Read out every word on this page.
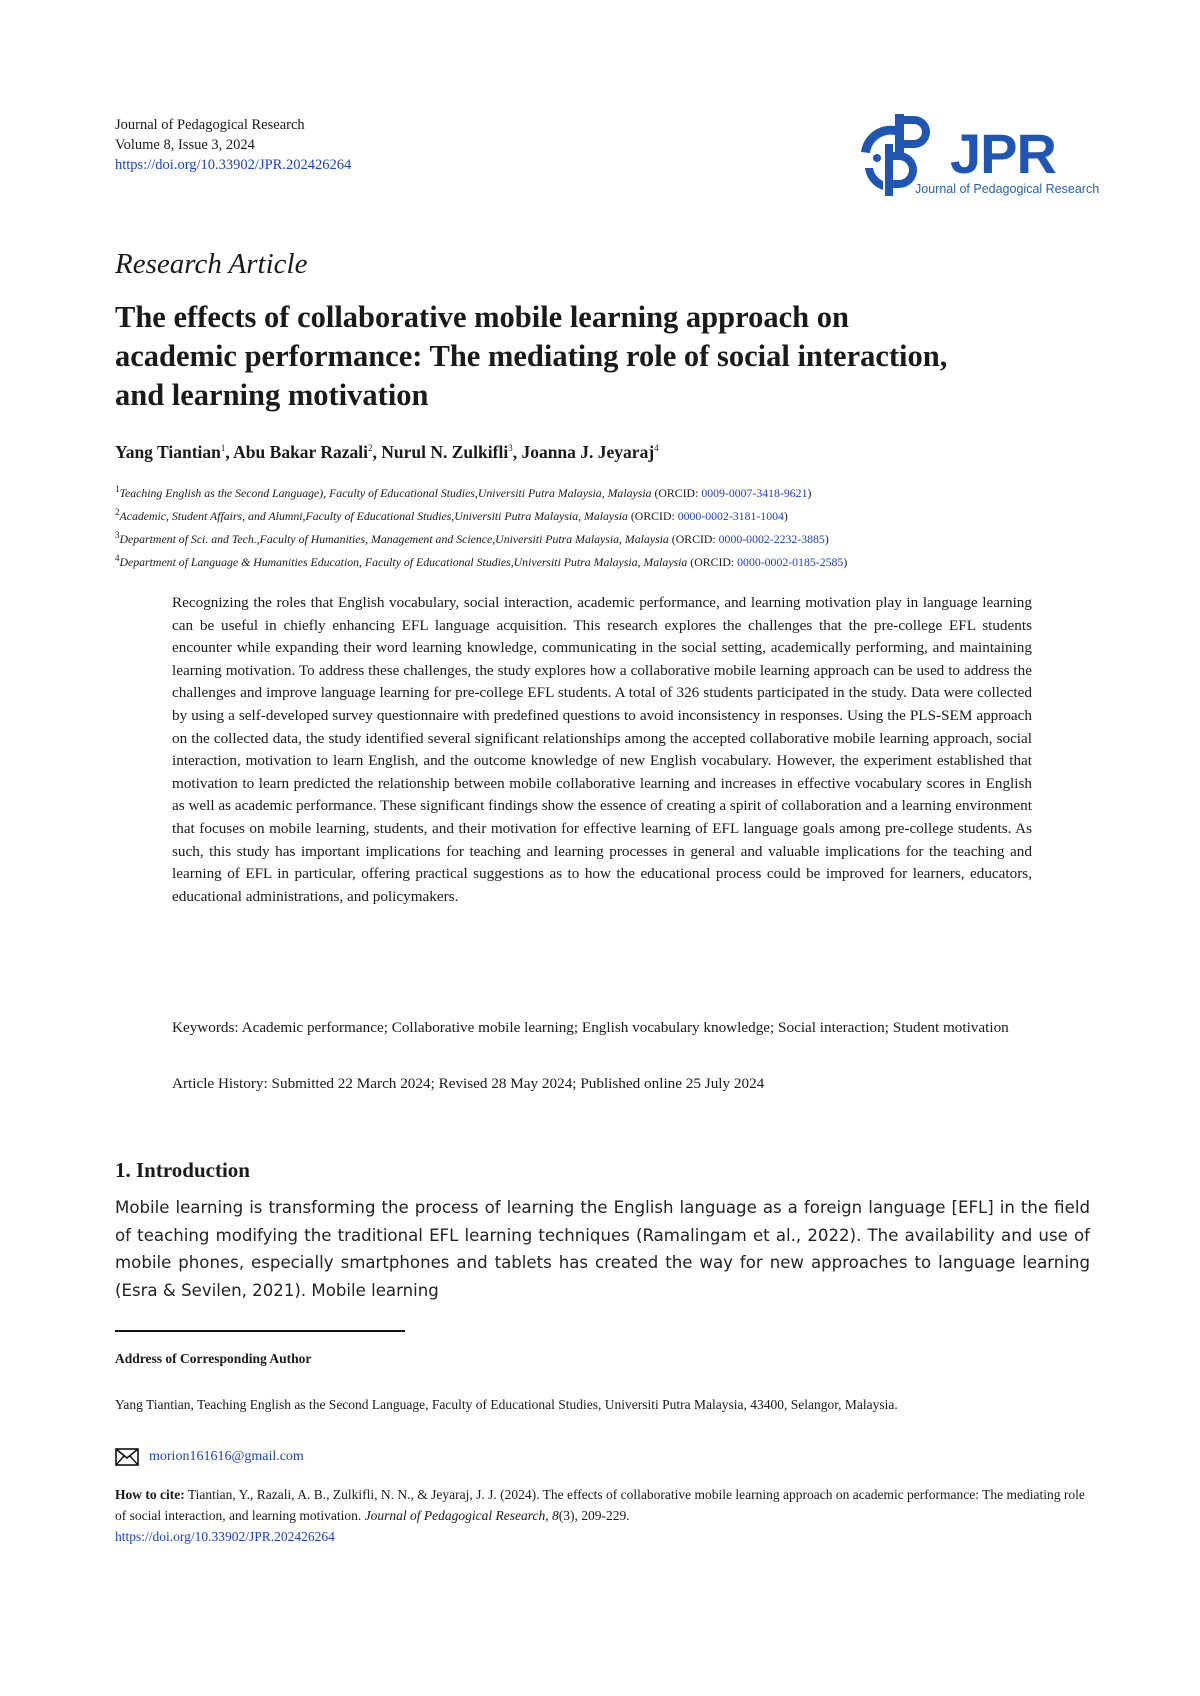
Journal of Pedagogical Research
Volume 8, Issue 3, 2024
https://doi.org/10.33902/JPR.202426264	JPR
Journal of Pedagogical Research
Research Article
The effects of collaborative mobile learning approach on academic performance: The mediating role of social interaction, and learning motivation
Yang Tiantian$^1$, Abu Bakar Razali$^2$, Nurul N. Zulkifli$^3$, Joanna J. Jeyaraj$^4$
$^1$Teaching English as the Second Language), Faculty of Educational Studies,Universiti Putra Malaysia, Malaysia (ORCID: 0009-0007-3418-9621)
$^2$Academic, Student Affairs, and Alumni,Faculty of Educational Studies,Universiti Putra Malaysia, Malaysia (ORCID: 0000-0002-3181-1004)
$^3$Department of Sci. and Tech.,Faculty of Humanities, Management and Science,Universiti Putra Malaysia, Malaysia (ORCID: 0000-0002-2232-3885)
$^4$Department of Language & Humanities Education, Faculty of Educational Studies,Universiti Putra Malaysia, Malaysia (ORCID: 0000-0002-0185-2585)
Recognizing the roles that English vocabulary, social interaction, academic performance, and learning motivation play in language learning can be useful in chiefly enhancing EFL language acquisition. This research explores the challenges that the pre-college EFL students encounter while expanding their word learning knowledge, communicating in the social setting, academically performing, and maintaining learning motivation. To address these challenges, the study explores how a collaborative mobile learning approach can be used to address the challenges and improve language learning for pre-college EFL students. A total of 326 students participated in the study. Data were collected by using a self-developed survey questionnaire with predefined questions to avoid inconsistency in responses. Using the PLS-SEM approach on the collected data, the study identified several significant relationships among the accepted collaborative mobile learning approach, social interaction, motivation to learn English, and the outcome knowledge of new English vocabulary. However, the experiment established that motivation to learn predicted the relationship between mobile collaborative learning and increases in effective vocabulary scores in English as well as academic performance. These significant findings show the essence of creating a spirit of collaboration and a learning environment that focuses on mobile learning, students, and their motivation for effective learning of EFL language goals among pre-college students. As such, this study has important implications for teaching and learning processes in general and valuable implications for the teaching and learning of EFL in particular, offering practical suggestions as to how the educational process could be improved for learners, educators, educational administrations, and policymakers.
Keywords: Academic performance; Collaborative mobile learning; English vocabulary knowledge; Social interaction; Student motivation
Article History: Submitted 22 March 2024; Revised 28 May 2024; Published online 25 July 2024
1. Introduction
Mobile learning is transforming the process of learning the English language as a foreign language [EFL] in the field of teaching modifying the traditional EFL learning techniques (Ramalingam et al., 2022). The availability and use of mobile phones, especially smartphones and tablets has created the way for new approaches to language learning (Esra & Sevilen, 2021). Mobile learning
Address of Corresponding Author
Yang Tiantian, Teaching English as the Second Language, Faculty of Educational Studies, Universiti Putra Malaysia, 43400, Selangor, Malaysia.
morion161616@gmail.com
How to cite: Tiantian, Y., Razali, A. B., Zulkifli, N. N., & Jeyaraj, J. J. (2024). The effects of collaborative mobile learning approach on academic performance: The mediating role of social interaction, and learning motivation. Journal of Pedagogical Research, 8(3), 209-229.
https://doi.org/10.33902/JPR.202426264
